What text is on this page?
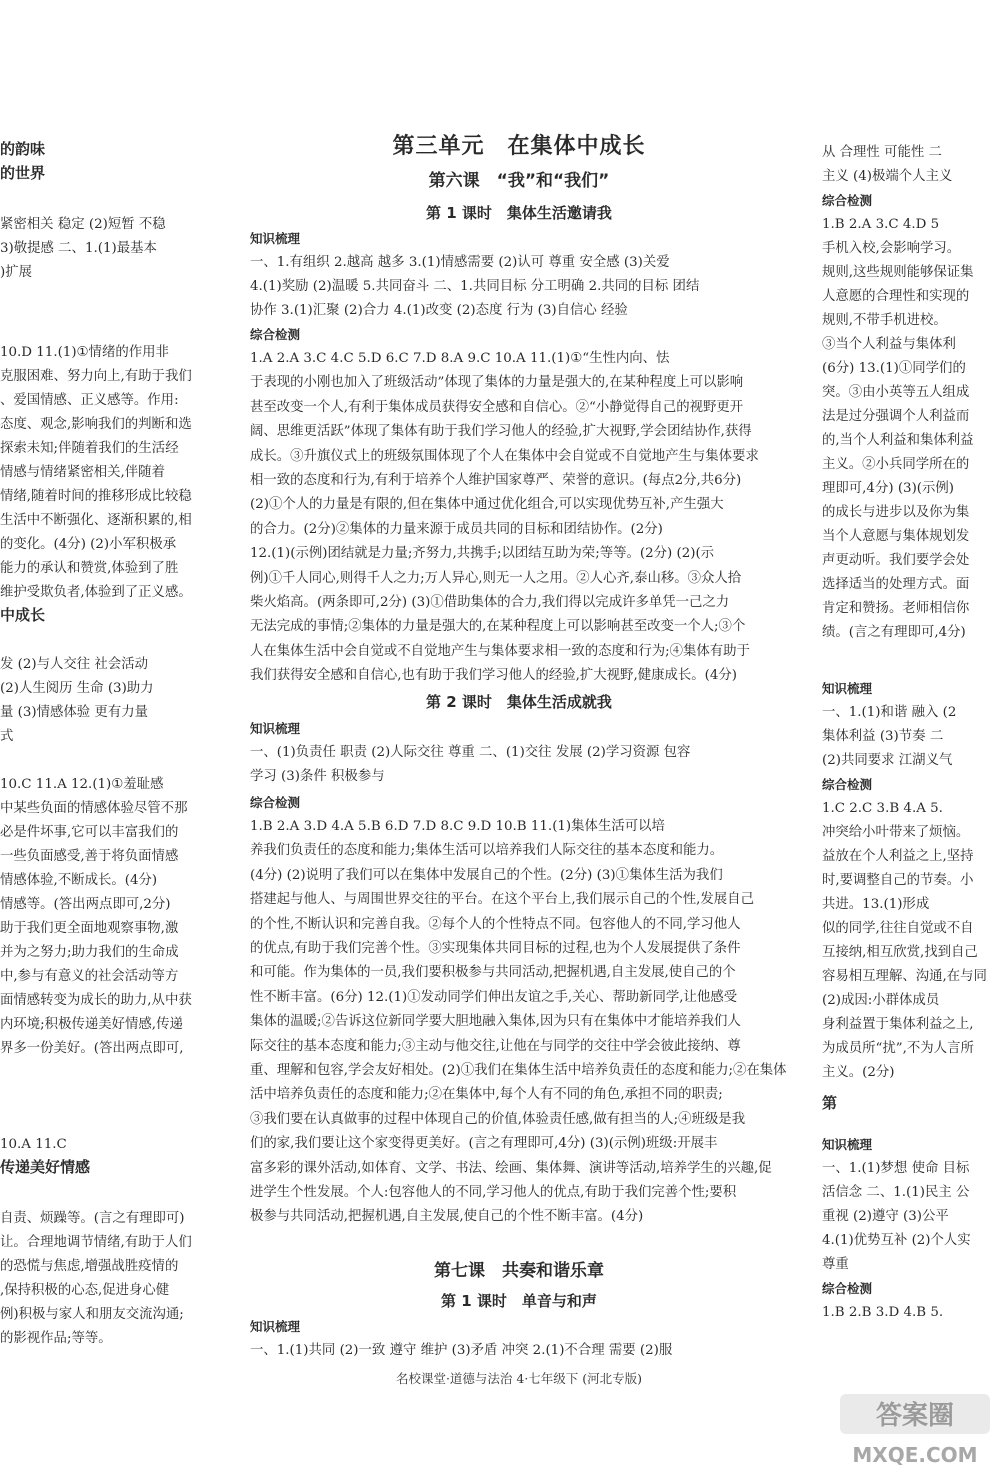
的韵味
的世界
紧密相关 稳定 (2)短暂 不稳
3)敬提感 二、1.(1)最基本
)扩展
10.D 11.(1)①情绪的作用非
克服困难、努力向上,有助于我们
、爱国情感、正义感等。作用:
态度、观念,影响我们的判断和选
探索未知;伴随着我们的生活经
情感与情绪紧密相关,伴随着
情绪,随着时间的推移形成比较稳
生活中不断强化、逐渐积累的,相
的变化。(4分) (2)小军积极承
能力的承认和赞赏,体验到了胜
维护受欺负者,体验到了正义感。
中成长
发 (2)与人交往 社会活动
(2)人生阅历 生命 (3)助力
量 (3)情感体验 更有力量
式
10.C 11.A 12.(1)①羞耻感
中某些负面的情感体验尽管不那
必是件坏事,它可以丰富我们的
一些负面感受,善于将负面情感
情感体验,不断成长。(4分)
情感等。(答出两点即可,2分)
助于我们更全面地观察事物,激
并为之努力;助力我们的生命成
中,参与有意义的社会活动等方
面情感转变为成长的助力,从中获
内环境;积极传递美好情感,传递
界多一份美好。(答出两点即可,
10.A 11.C
传递美好情感
自责、烦躁等。(言之有理即可)
让。合理地调节情绪,有助于人们
的恐慌与焦虑,增强战胜疫情的
,保持积极的心态,促进身心健
例)积极与家人和朋友交流沟通;
的影视作品;等等。
第三单元　在集体中成长
第六课　“我”和“我们”
第 1 课时　集体生活邀请我
知识梳理
一、1.有组织 2.越高 越多 3.(1)情感需要 (2)认可 尊重 安全感 (3)关爱
4.(1)奖励 (2)温暖 5.共同奋斗 二、1.共同目标 分工明确 2.共同的目标 团结
协作 3.(1)汇聚 (2)合力 4.(1)改变 (2)态度 行为 (3)自信心 经验
综合检测
1.A 2.A 3.C 4.C 5.D 6.C 7.D 8.A 9.C 10.A 11.(1)①“生性内向、怯
于表现的小刚也加入了班级活动”体现了集体的力量是强大的,在某种程度上可以影响
甚至改变一个人,有利于集体成员获得安全感和自信心。②“小静觉得自己的视野更开
阔、思维更活跃”体现了集体有助于我们学习他人的经验,扩大视野,学会团结协作,获得
成长。③升旗仪式上的班级氛围体现了个人在集体中会自觉或不自觉地产生与集体要求
相一致的态度和行为,有利于培养个人维护国家尊严、荣誉的意识。(每点2分,共6分)
(2)①个人的力量是有限的,但在集体中通过优化组合,可以实现优势互补,产生强大
的合力。(2分)②集体的力量来源于成员共同的目标和团结协作。(2分)
12.(1)(示例)团结就是力量;齐努力,共携手;以团结互助为荣;等等。(2分) (2)(示
例)①千人同心,则得千人之力;万人异心,则无一人之用。②人心齐,泰山移。③众人拾
柴火焰高。(两条即可,2分) (3)①借助集体的合力,我们得以完成许多单凭一己之力
无法完成的事情;②集体的力量是强大的,在某种程度上可以影响甚至改变一个人;③个
人在集体生活中会自觉或不自觉地产生与集体要求相一致的态度和行为;④集体有助于
我们获得安全感和自信心,也有助于我们学习他人的经验,扩大视野,健康成长。(4分)
第 2 课时　集体生活成就我
知识梳理
一、(1)负责任 职责 (2)人际交往 尊重 二、(1)交往 发展 (2)学习资源 包容
学习 (3)条件 积极参与
综合检测
1.B 2.A 3.D 4.A 5.B 6.D 7.D 8.C 9.D 10.B 11.(1)集体生活可以培
养我们负责任的态度和能力;集体生活可以培养我们人际交往的基本态度和能力。
(4分) (2)说明了我们可以在集体中发展自己的个性。(2分) (3)①集体生活为我们
搭建起与他人、与周围世界交往的平台。在这个平台上,我们展示自己的个性,发展自己
的个性,不断认识和完善自我。②每个人的个性特点不同。包容他人的不同,学习他人
的优点,有助于我们完善个性。③实现集体共同目标的过程,也为个人发展提供了条件
和可能。作为集体的一员,我们要积极参与共同活动,把握机遇,自主发展,使自己的个
性不断丰富。(6分) 12.(1)①发动同学们伸出友谊之手,关心、帮助新同学,让他感受
集体的温暖;②告诉这位新同学要大胆地融入集体,因为只有在集体中才能培养我们人
际交往的基本态度和能力;③主动与他交往,让他在与同学的交往中学会彼此接纳、尊
重、理解和包容,学会友好相处。(2)①我们在集体生活中培养负责任的态度和能力;②在集体
活中培养负责任的态度和能力;②在集体中,每个人有不同的角色,承担不同的职责;
③我们要在认真做事的过程中体现自己的价值,体验责任感,做有担当的人;④班级是我
们的家,我们要让这个家变得更美好。(言之有理即可,4分) (3)(示例)班级:开展丰
富多彩的课外活动,如体育、文学、书法、绘画、集体舞、演讲等活动,培养学生的兴趣,促
进学生个性发展。个人:包容他人的不同,学习他人的优点,有助于我们完善个性;要积
极参与共同活动,把握机遇,自主发展,使自己的个性不断丰富。(4分)
第七课　共奏和谐乐章
第 1 课时　单音与和声
知识梳理
一、1.(1)共同 (2)一致 遵守 维护 (3)矛盾 冲突 2.(1)不合理 需要 (2)服
名校课堂·道德与法治 4·七年级下 (河北专版)
从 合理性 可能性 二
主义 (4)极端个人主义
综合检测
1.B 2.A 3.C 4.D 5
手机入校,会影响学习。
规则,这些规则能够保证集
人意愿的合理性和实现的
规则,不带手机进校。
③当个人利益与集体利
(6分) 13.(1)①同学们的
突。③由小英等五人组成
法是过分强调个人利益而
的,当个人利益和集体利益
主义。②小兵同学所在的
理即可,4分) (3)(示例)
的成长与进步以及你为集
当个人意愿与集体规划发
声更动听。我们要学会处
选择适当的处理方式。面
肯定和赞扬。老师相信你
绩。(言之有理即可,4分)
知识梳理
一、1.(1)和谐 融入 (2
集体利益 (3)节奏 二
(2)共同要求 江湖义气
综合检测
1.C 2.C 3.B 4.A 5.
冲突给小叶带来了烦恼。
益放在个人利益之上,坚持
时,要调整自己的节奏。小
共进。13.(1)形成
似的同学,往往自觉或不自
互接纳,相互欣赏,找到自己
容易相互理解、沟通,在与同
(2)成因:小群体成员
身利益置于集体利益之上,
为成员所“扰”,不为人言所
主义。(2分)
第
知识梳理
一、1.(1)梦想 使命 目标
活信念 二、1.(1)民主 公
重视 (2)遵守 (3)公平
4.(1)优势互补 (2)个人实
尊重
综合检测
1.B 2.B 3.D 4.B 5.
答案圈
MXQE.COM
